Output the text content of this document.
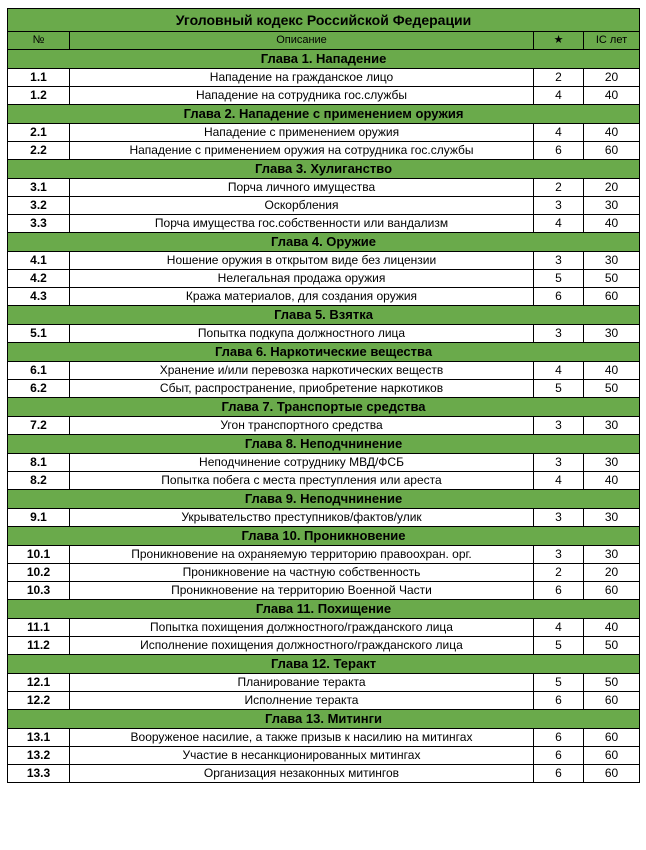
Уголовный кодекс Российской Федерации			
№	Описание	★	IC лет
Глава 1. Нападение			
1.1	Нападение на гражданское лицо	2	20
1.2	Нападение на сотрудника гос.службы	4	40
Глава 2. Нападение с применением оружия			
2.1	Нападение с применением оружия	4	40
2.2	Нападение с применением оружия на сотрудника гос.службы	6	60
Глава 3. Хулиганство			
3.1	Порча личного имущества	2	20
3.2	Оскорбления	3	30
3.3	Порча имущества гос.собственности или вандализм	4	40
Глава 4. Оружие			
4.1	Ношение оружия в открытом виде без лицензии	3	30
4.2	Нелегальная продажа оружия	5	50
4.3	Кража материалов, для создания оружия	6	60
Глава 5. Взятка			
5.1	Попытка подкупа должностного лица	3	30
Глава 6. Наркотические вещества			
6.1	Хранение и/или перевозка наркотических веществ	4	40
6.2	Сбыт, распространение, приобретение наркотиков	5	50
Глава 7. Транспортые средства			
7.2	Угон транспортного средства	3	30
Глава 8. Неподчнинение			
8.1	Неподчинение сотруднику МВД/ФСБ	3	30
8.2	Попытка побега с места преступления или ареста	4	40
Глава 9. Неподчнинение			
9.1	Укрывательство преступников/фактов/улик	3	30
Глава 10. Проникновение			
10.1	Проникновение на охраняемую территорию правоохран. орг.	3	30
10.2	Проникновение на частную собственность	2	20
10.3	Проникновение на территорию Военной Части	6	60
Глава 11. Похищение			
11.1	Попытка похищения должностного/гражданского лица	4	40
11.2	Исполнение похищения должностного/гражданского лица	5	50
Глава 12. Теракт			
12.1	Планирование теракта	5	50
12.2	Исполнение теракта	6	60
Глава 13. Митинги			
13.1	Вооруженое насилие, а также призыв к насилию на митингах	6	60
13.2	Участие в несанкционированных митингах	6	60
13.3	Организация незаконных митингов	6	60
